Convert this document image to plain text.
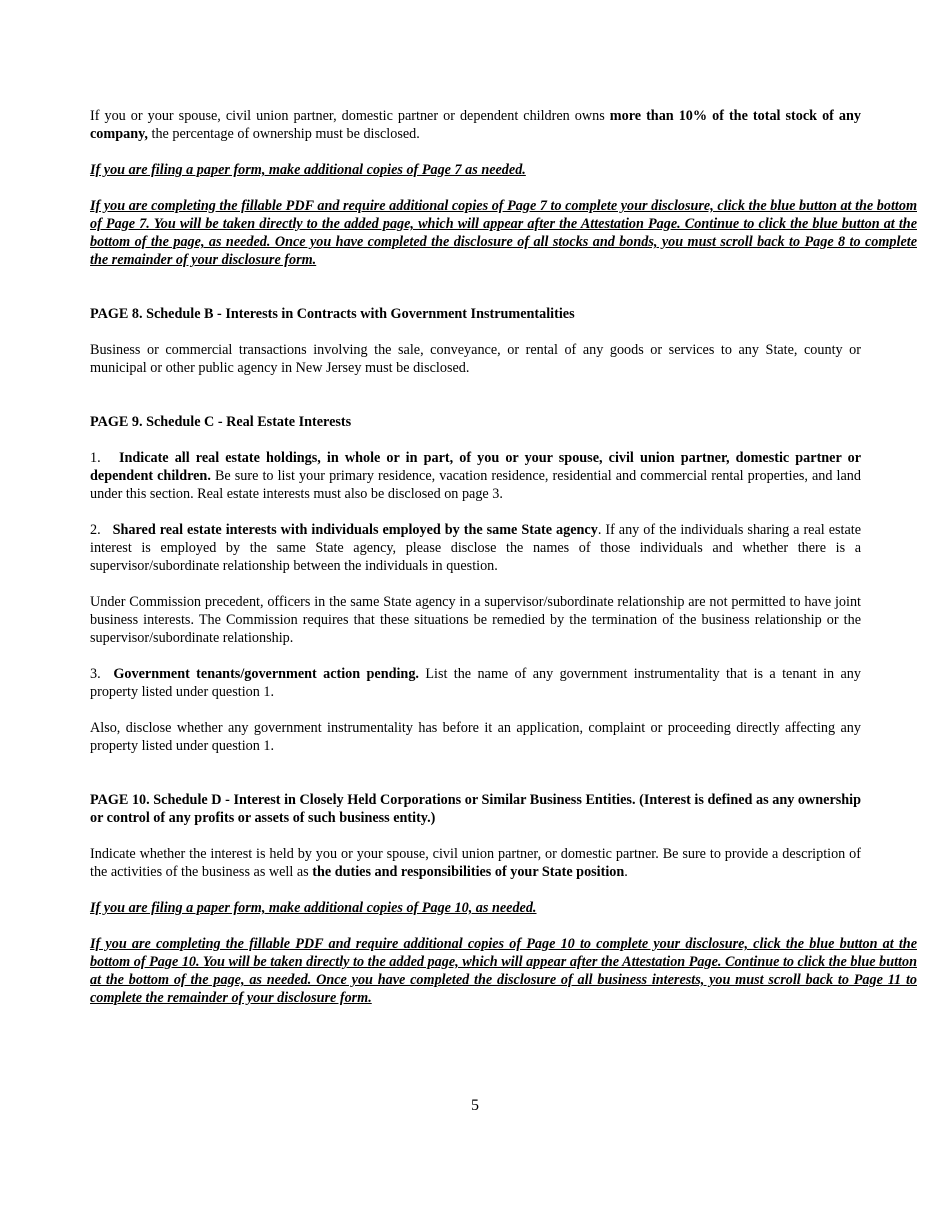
If you or your spouse, civil union partner, domestic partner or dependent children owns more than 10% of the total stock of any company, the percentage of ownership must be disclosed.

If you are filing a paper form, make additional copies of Page 7 as needed.

If you are completing the fillable PDF and require additional copies of Page 7 to complete your disclosure, click the blue button at the bottom of Page 7. You will be taken directly to the added page, which will appear after the Attestation Page. Continue to click the blue button at the bottom of the page, as needed. Once you have completed the disclosure of all stocks and bonds, you must scroll back to Page 8 to complete the remainder of your disclosure form.

PAGE 8. Schedule B - Interests in Contracts with Government Instrumentalities

Business or commercial transactions involving the sale, conveyance, or rental of any goods or services to any State, county or municipal or other public agency in New Jersey must be disclosed.

PAGE 9. Schedule C - Real Estate Interests

1.   Indicate all real estate holdings, in whole or in part, of you or your spouse, civil union partner, domestic partner or dependent children. Be sure to list your primary residence, vacation residence, residential and commercial rental properties, and land under this section. Real estate interests must also be disclosed on page 3.

2.   Shared real estate interests with individuals employed by the same State agency. If any of the individuals sharing a real estate interest is employed by the same State agency, please disclose the names of those individuals and whether there is a supervisor/subordinate relationship between the individuals in question.

Under Commission precedent, officers in the same State agency in a supervisor/subordinate relationship are not permitted to have joint business interests. The Commission requires that these situations be remedied by the termination of the business relationship or the supervisor/subordinate relationship.

3.  Government tenants/government action pending. List the name of any government instrumentality that is a tenant in any property listed under question 1.

Also, disclose whether any government instrumentality has before it an application, complaint or proceeding directly affecting any property listed under question 1.

PAGE 10. Schedule D - Interest in Closely Held Corporations or Similar Business Entities. (Interest is defined as any ownership or control of any profits or assets of such business entity.)

Indicate whether the interest is held by you or your spouse, civil union partner, or domestic partner. Be sure to provide a description of the activities of the business as well as the duties and responsibilities of your State position.

If you are filing a paper form, make additional copies of Page 10, as needed.

If you are completing the fillable PDF and require additional copies of Page 10 to complete your disclosure, click the blue button at the bottom of Page 10. You will be taken directly to the added page, which will appear after the Attestation Page. Continue to click the blue button at the bottom of the page, as needed. Once you have completed the disclosure of all business interests, you must scroll back to Page 11 to complete the remainder of your disclosure form.

5
